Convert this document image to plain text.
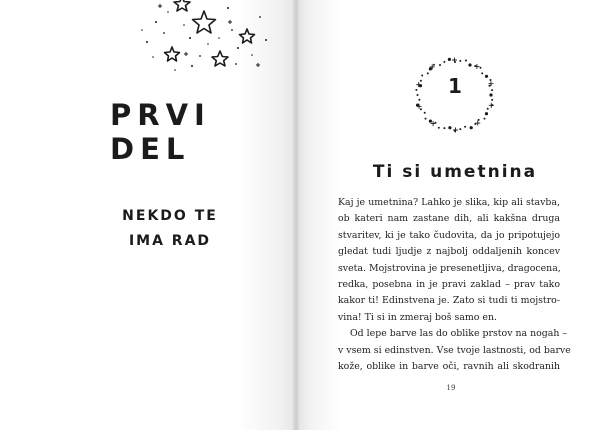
PRVI
DEL
NEKDO TE
IMA RAD
1
Ti si umetnina
Kaj je umetnina? Lahko je slika, kip ali stavba,
ob kateri nam zastane dih, ali kakšna druga
stvaritev, ki je tako čudovita, da jo pripotujejo
gledat tudi ljudje z najbolj oddaljenih koncev
sveta. Mojstrovina je presenetljiva, dragocena,
redka, posebna in je pravi zaklad – prav tako
kakor ti! Edinstvena je. Zato si tudi ti mojstro-
vina! Ti si in zmeraj boš samo en.
Od lepe barve las do oblike prstov na nogah –
v vsem si edinstven. Vse tvoje lastnosti, od barve
kože, oblike in barve oči, ravnih ali skodranih
19
